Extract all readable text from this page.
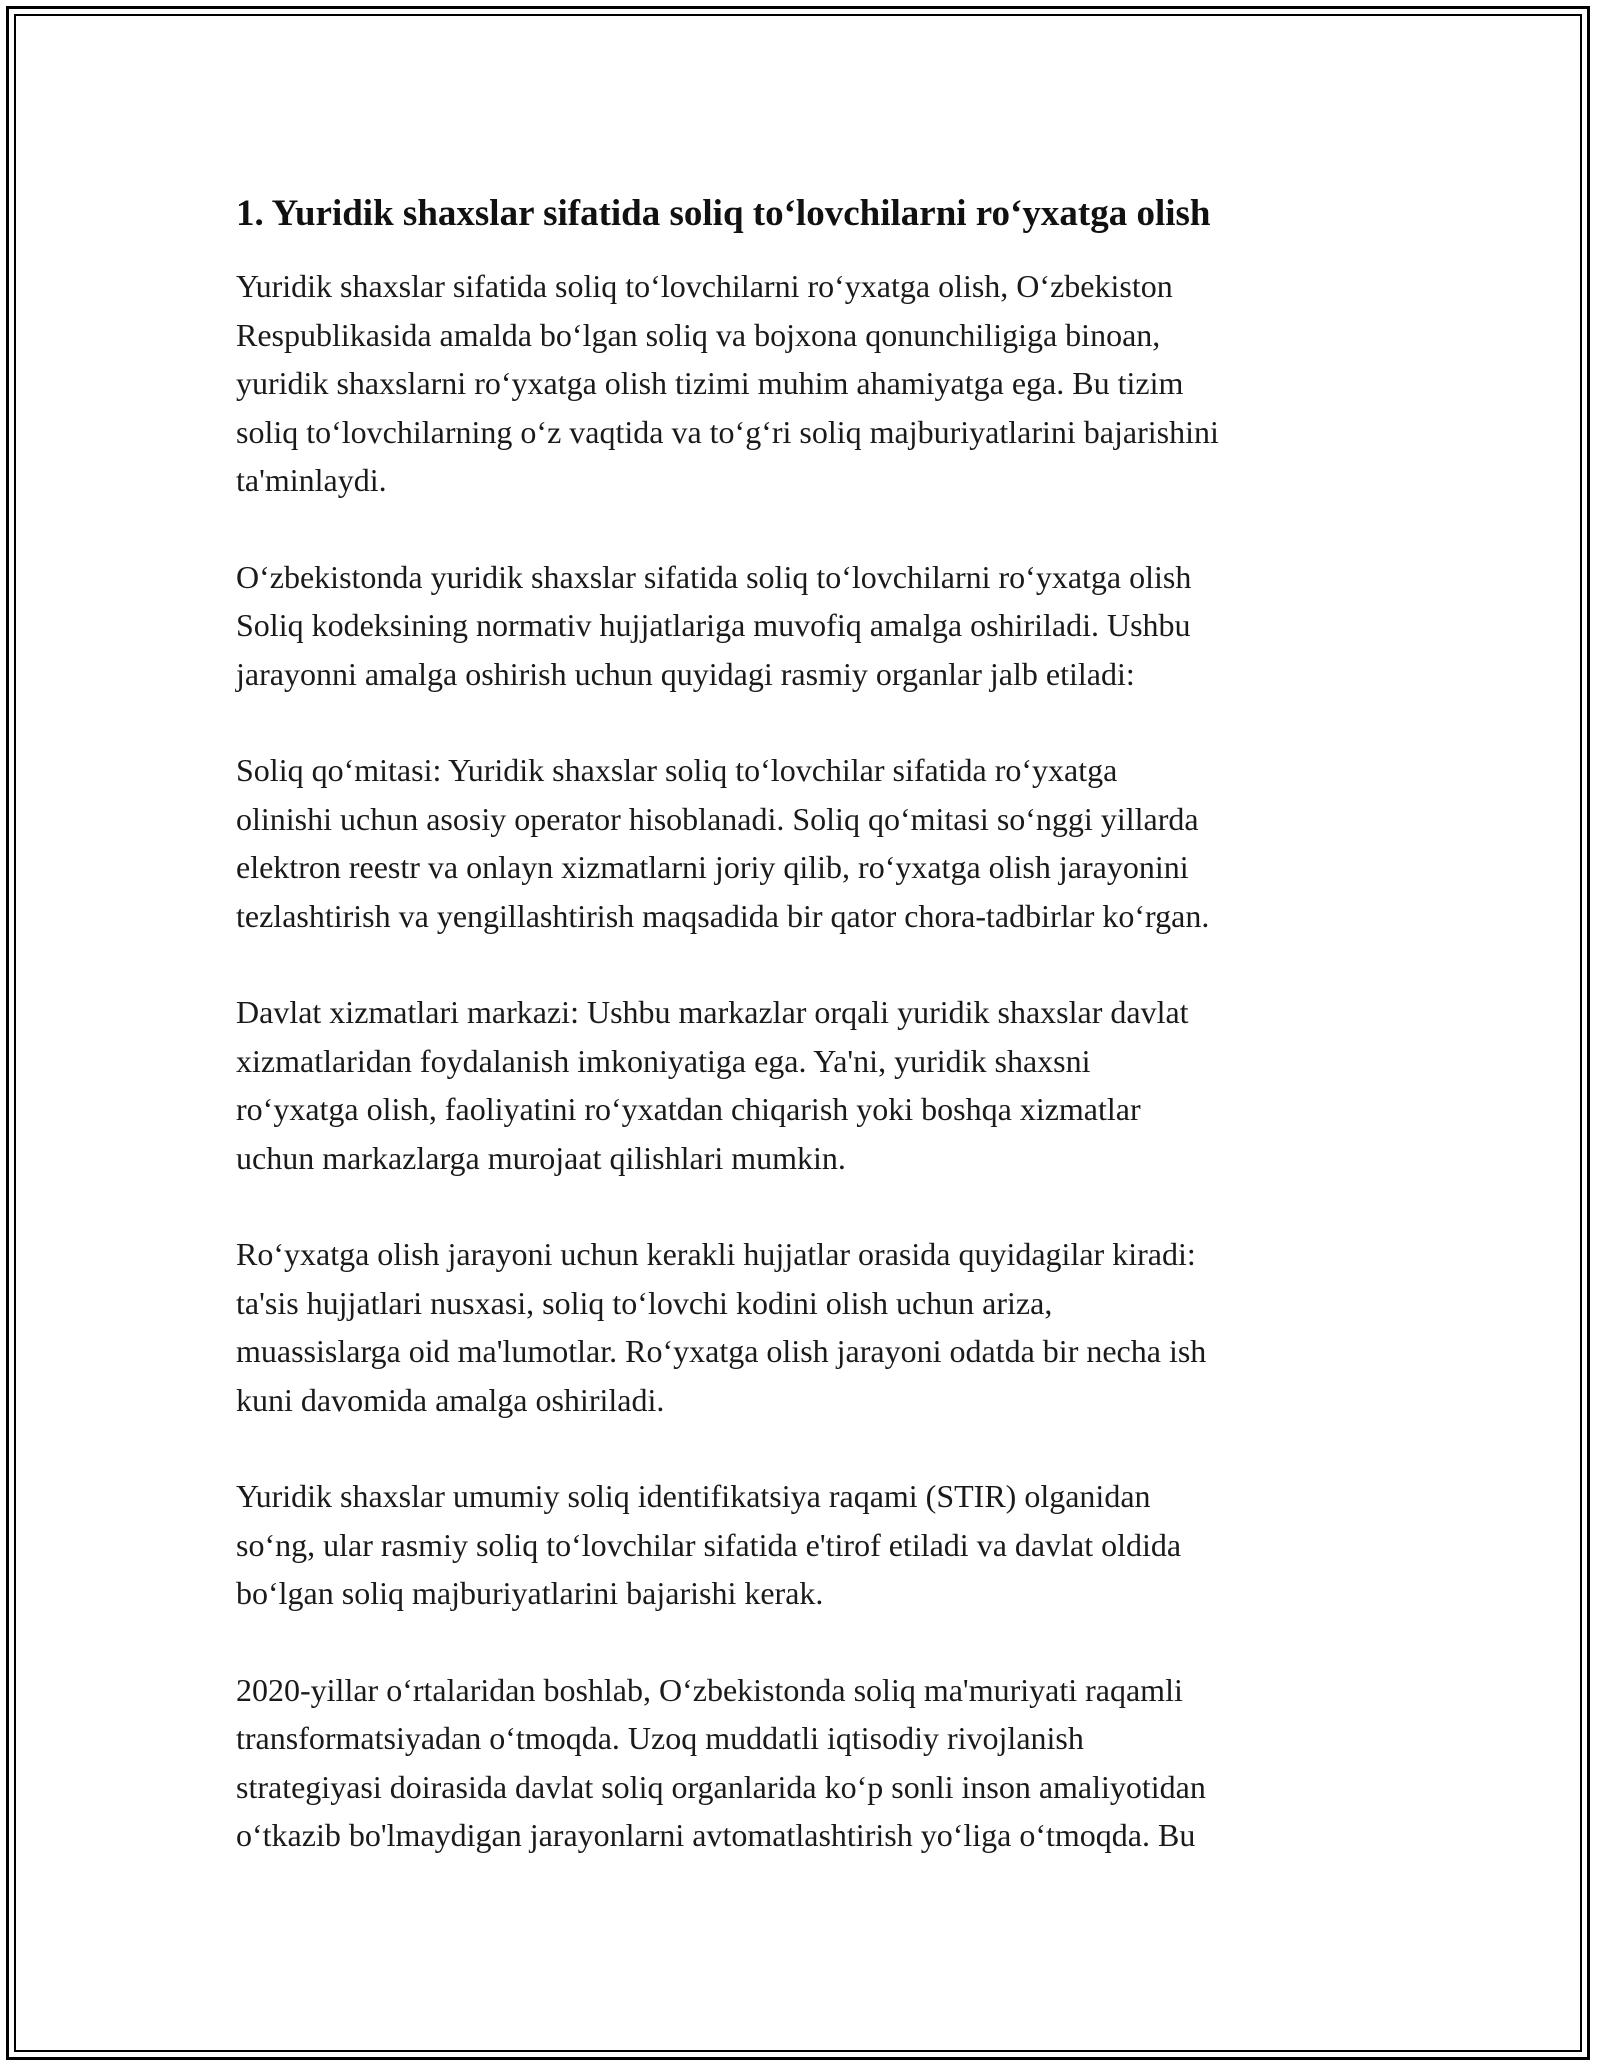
1. Yuridik shaxslar sifatida soliq to‘lovchilarni ro‘yxatga olish

Yuridik shaxslar sifatida soliq to‘lovchilarni ro‘yxatga olish, O‘zbekiston
Respublikasida amalda bo‘lgan soliq va bojxona qonunchiligiga binoan,
yuridik shaxslarni ro‘yxatga olish tizimi muhim ahamiyatga ega. Bu tizim
soliq to‘lovchilarning o‘z vaqtida va to‘g‘ri soliq majburiyatlarini bajarishini
ta'minlaydi.

O‘zbekistonda yuridik shaxslar sifatida soliq to‘lovchilarni ro‘yxatga olish
Soliq kodeksining normativ hujjatlariga muvofiq amalga oshiriladi. Ushbu
jarayonni amalga oshirish uchun quyidagi rasmiy organlar jalb etiladi:

Soliq qo‘mitasi: Yuridik shaxslar soliq to‘lovchilar sifatida ro‘yxatga
olinishi uchun asosiy operator hisoblanadi. Soliq qo‘mitasi so‘nggi yillarda
elektron reestr va onlayn xizmatlarni joriy qilib, ro‘yxatga olish jarayonini
tezlashtirish va yengillashtirish maqsadida bir qator chora-tadbirlar ko‘rgan.

Davlat xizmatlari markazi: Ushbu markazlar orqali yuridik shaxslar davlat
xizmatlaridan foydalanish imkoniyatiga ega. Ya'ni, yuridik shaxsni
ro‘yxatga olish, faoliyatini ro‘yxatdan chiqarish yoki boshqa xizmatlar
uchun markazlarga murojaat qilishlari mumkin.

Ro‘yxatga olish jarayoni uchun kerakli hujjatlar orasida quyidagilar kiradi:
ta'sis hujjatlari nusxasi, soliq to‘lovchi kodini olish uchun ariza,
muassislarga oid ma'lumotlar. Ro‘yxatga olish jarayoni odatda bir necha ish
kuni davomida amalga oshiriladi.

Yuridik shaxslar umumiy soliq identifikatsiya raqami (STIR) olganidan
so‘ng, ular rasmiy soliq to‘lovchilar sifatida e'tirof etiladi va davlat oldida
bo‘lgan soliq majburiyatlarini bajarishi kerak.

2020-yillar o‘rtalaridan boshlab, O‘zbekistonda soliq ma'muriyati raqamli
transformatsiyadan o‘tmoqda. Uzoq muddatli iqtisodiy rivojlanish
strategiyasi doirasida davlat soliq organlarida ko‘p sonli inson amaliyotidan
o‘tkazib bo'lmaydigan jarayonlarni avtomatlashtirish yo‘liga o‘tmoqda. Bu
